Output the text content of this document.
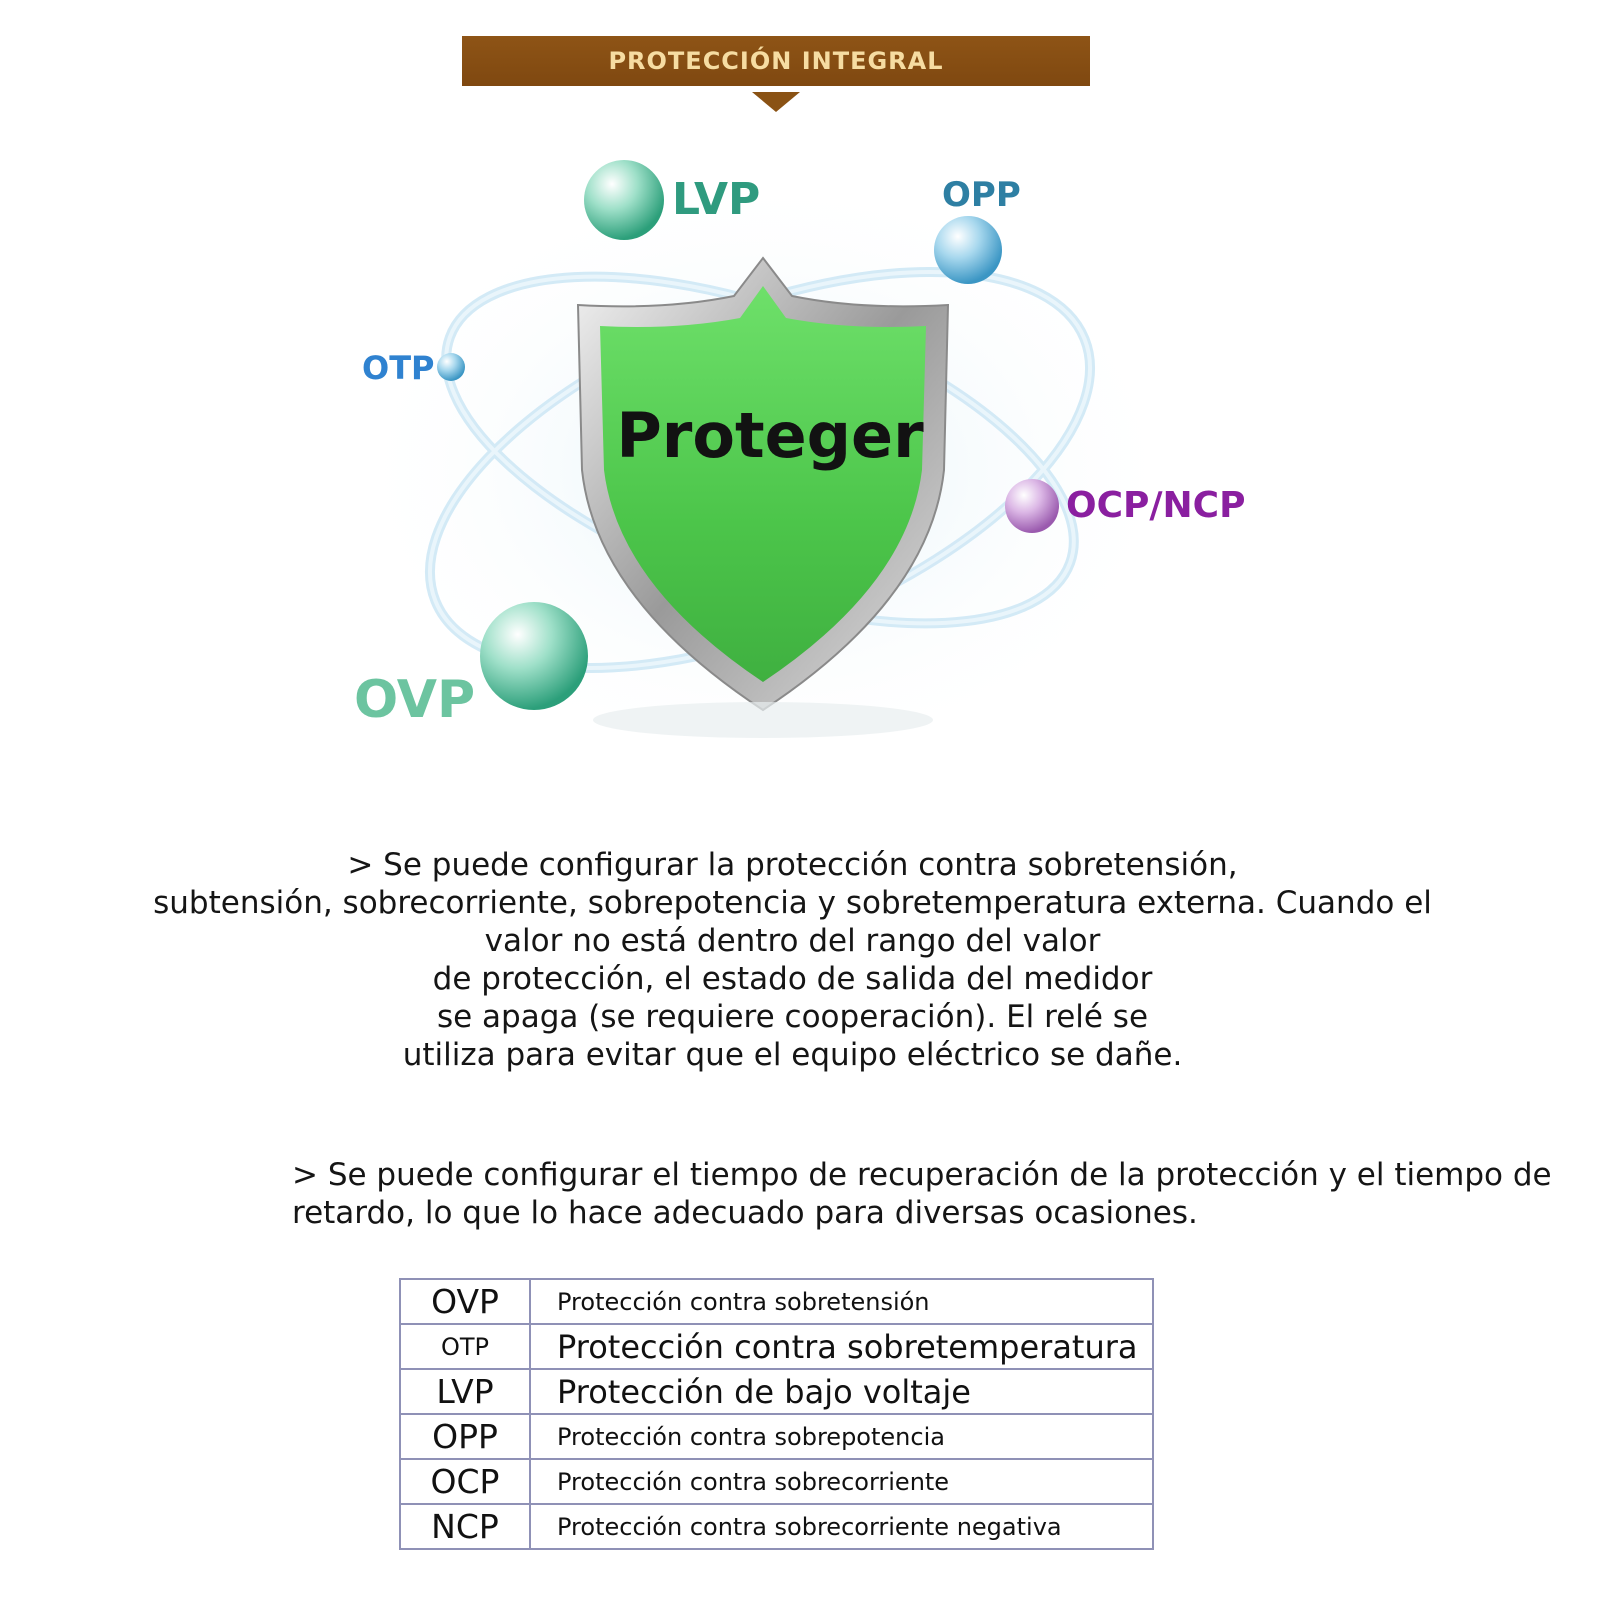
PROTECCIÓN INTEGRAL
LVP	OPP
OTP
OCP/NCP
OVP
Proteger
> Se puede configurar la protección contra sobretensión,
subtensión, sobrecorriente, sobrepotencia y sobretemperatura externa. Cuando el
valor no está dentro del rango del valor
de protección, el estado de salida del medidor
se apaga (se requiere cooperación). El relé se
utiliza para evitar que el equipo eléctrico se dañe.
> Se puede configurar el tiempo de recuperación de la protección y el tiempo de
retardo, lo que lo hace adecuado para diversas ocasiones.
OVP	Protección contra sobretensión
OTP	Protección contra sobretemperatura
LVP	Protección de bajo voltaje
OPP	Protección contra sobrepotencia
OCP	Protección contra sobrecorriente
NCP	Protección contra sobrecorriente negativa
